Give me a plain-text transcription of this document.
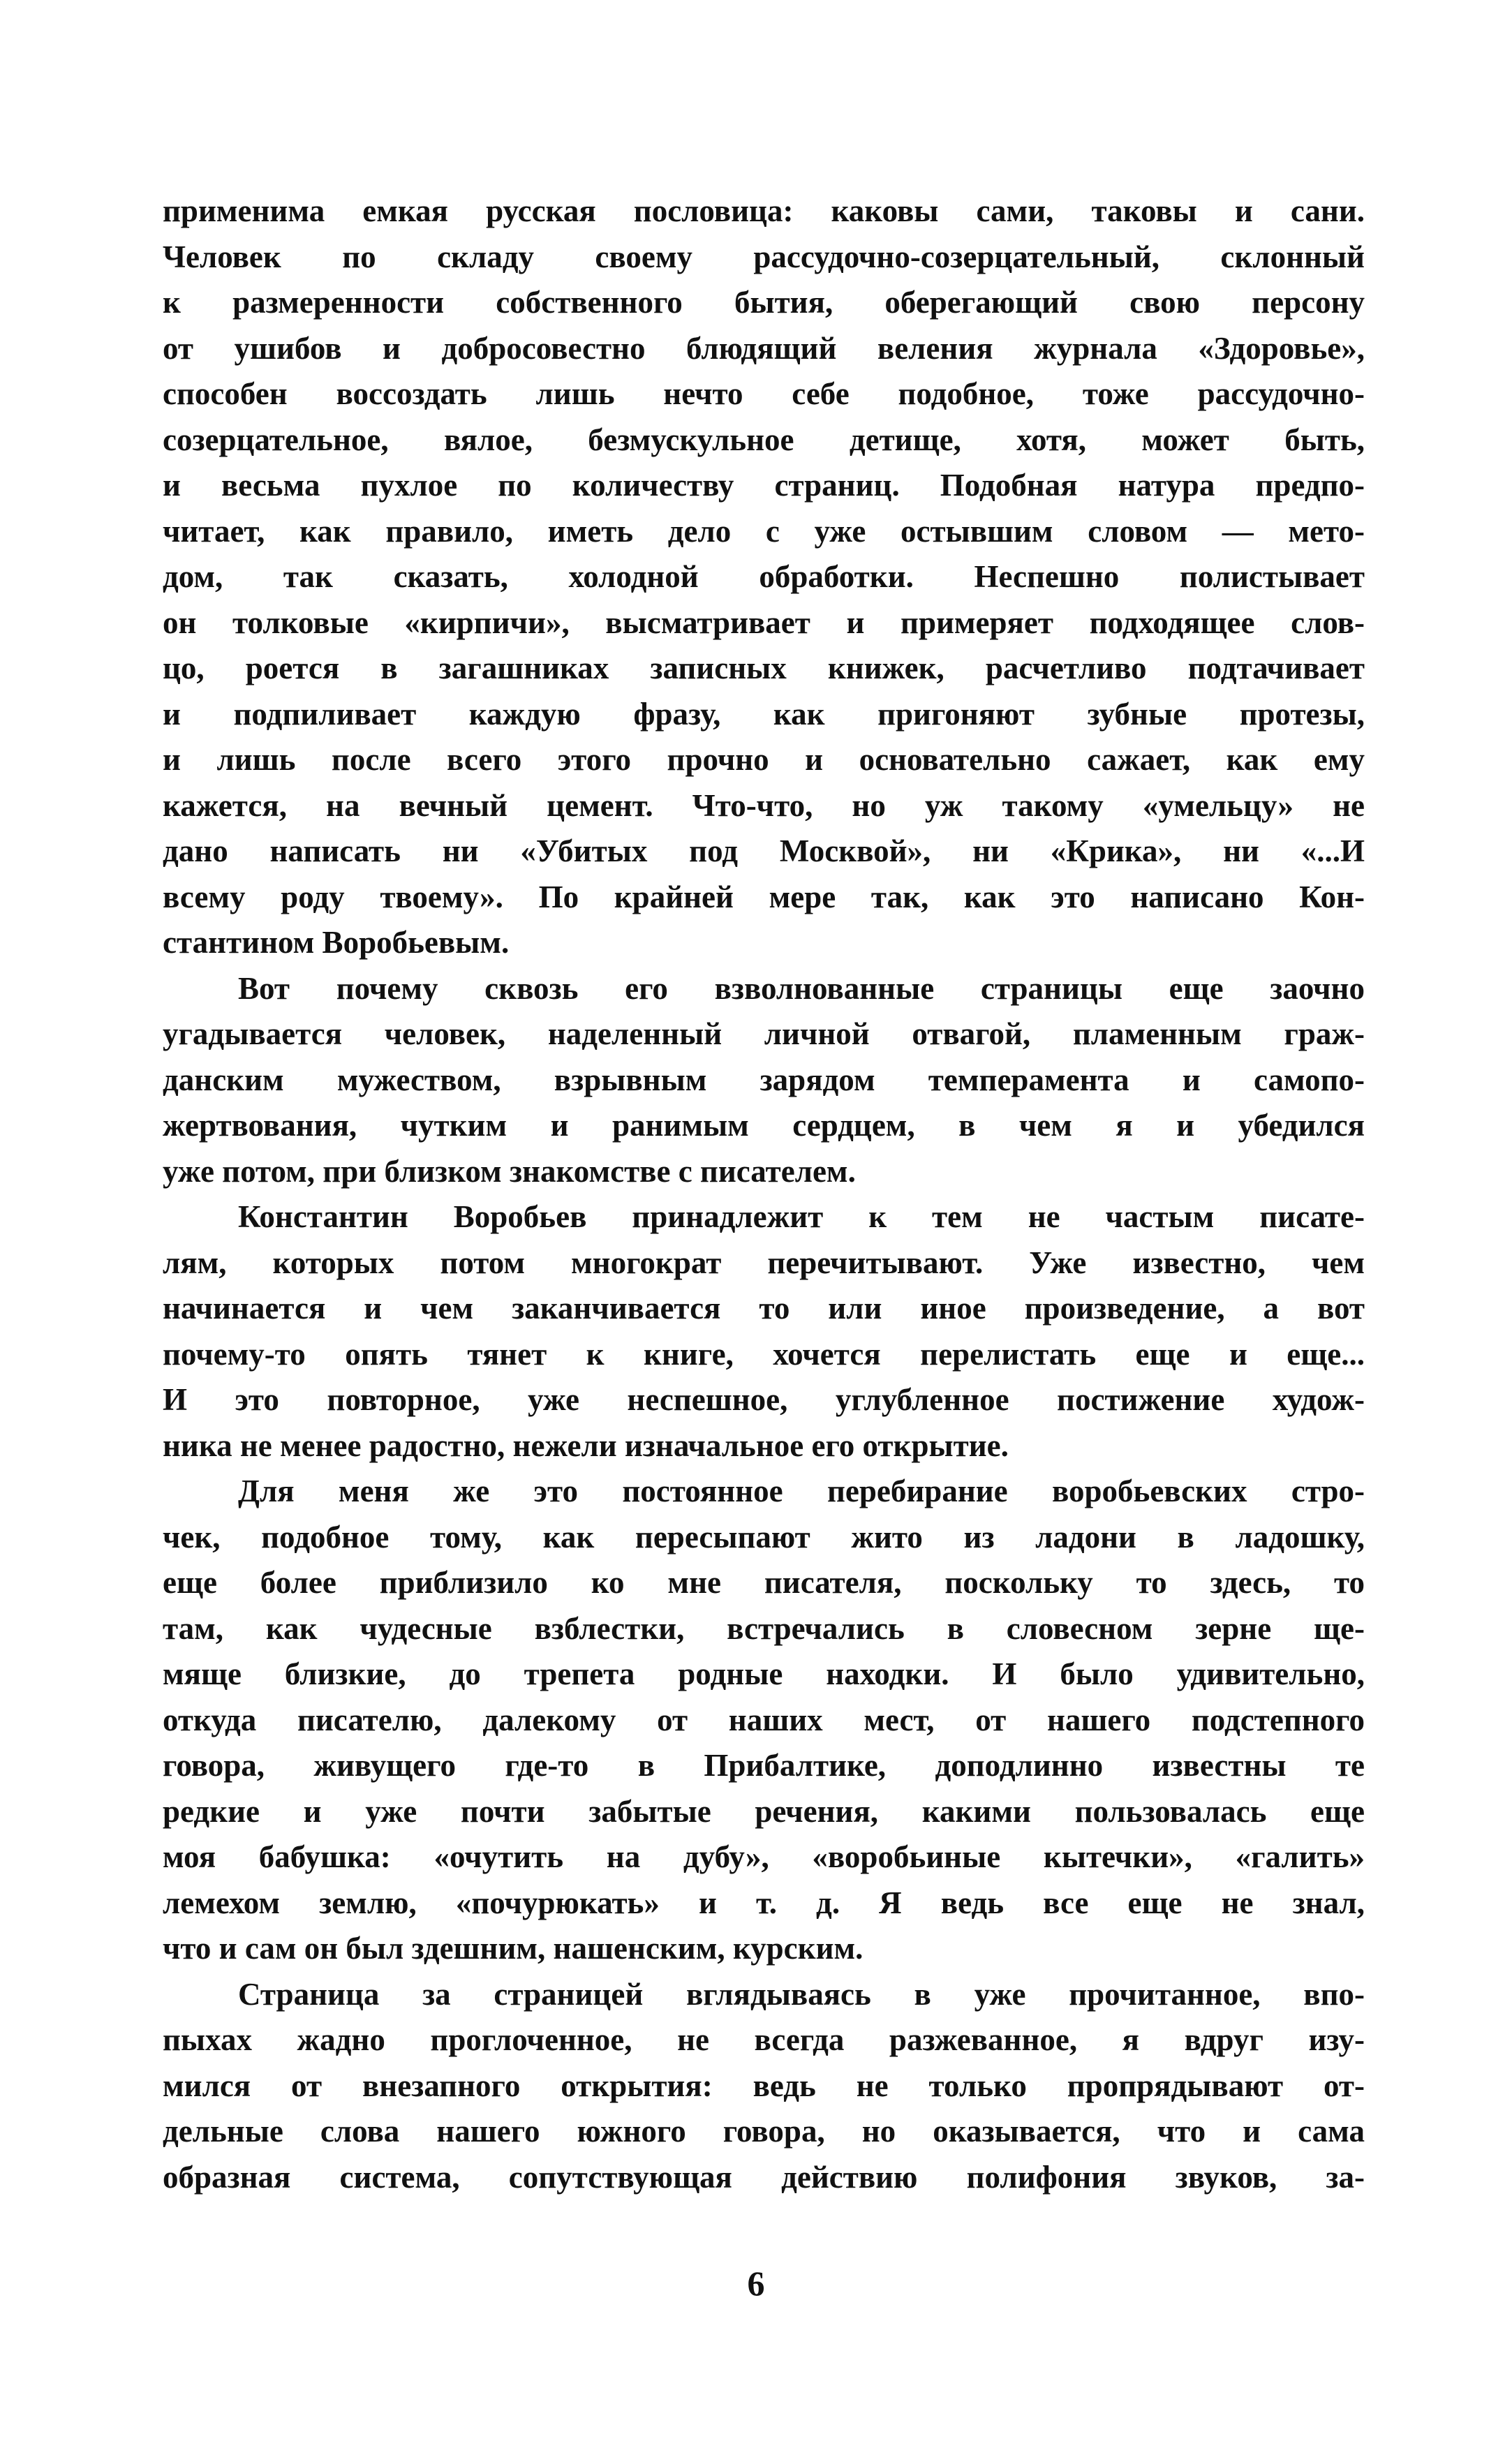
применима емкая русская пословица: каковы сами, таковы и сани.
Человек по складу своему рассудочно-созерцательный, склонный
к размеренности собственного бытия, оберегающий свою персону
от ушибов и добросовестно блюдящий веления журнала «Здоровье»,
способен воссоздать лишь нечто себе подобное, тоже рассудочно-
созерцательное, вялое, безмускульное детище, хотя, может быть,
и весьма пухлое по количеству страниц. Подобная натура предпо-
читает, как правило, иметь дело с уже остывшим словом — мето-
дом, так сказать, холодной обработки. Неспешно полистывает
он толковые «кирпичи», высматривает и примеряет подходящее слов-
цо, роется в загашниках записных книжек, расчетливо подтачивает
и подпиливает каждую фразу, как пригоняют зубные протезы,
и лишь после всего этого прочно и основательно сажает, как ему
кажется, на вечный цемент. Что-что, но уж такому «умельцу» не
дано написать ни «Убитых под Москвой», ни «Крика», ни «...И
всему роду твоему». По крайней мере так, как это написано Кон-
стантином Воробьевым.
Вот почему сквозь его взволнованные страницы еще заочно
угадывается человек, наделенный личной отвагой, пламенным граж-
данским мужеством, взрывным зарядом темперамента и самопо-
жертвования, чутким и ранимым сердцем, в чем я и убедился
уже потом, при близком знакомстве с писателем.
Константин Воробьев принадлежит к тем не частым писате-
лям, которых потом многократ перечитывают. Уже известно, чем
начинается и чем заканчивается то или иное произведение, а вот
почему-то опять тянет к книге, хочется перелистать еще и еще...
И это повторное, уже неспешное, углубленное постижение худож-
ника не менее радостно, нежели изначальное его открытие.
Для меня же это постоянное перебирание воробьевских стро-
чек, подобное тому, как пересыпают жито из ладони в ладошку,
еще более приблизило ко мне писателя, поскольку то здесь, то
там, как чудесные взблестки, встречались в словесном зерне щe-
мяще близкие, до трепета родные находки. И было удивительно,
откуда писателю, далекому от наших мест, от нашего подстепного
говора, живущего где-то в Прибалтике, доподлинно известны те
редкие и уже почти забытые речения, какими пользовалась еще
моя бабушка: «очутить на дубу», «воробьиные кытечки», «галить»
лемехом землю, «почурюкать» и т. д. Я ведь все еще не знал,
что и сам он был здешним, нашенским, курским.
Страница за страницей вглядываясь в уже прочитанное, впо-
пыхах жадно проглоченное, не всегда разжеванное, я вдруг изу-
мился от внезапного открытия: ведь не только пропрядывают от-
дельные слова нашего южного говора, но оказывается, что и сама
образная система, сопутствующая действию полифония звуков, за-
6
